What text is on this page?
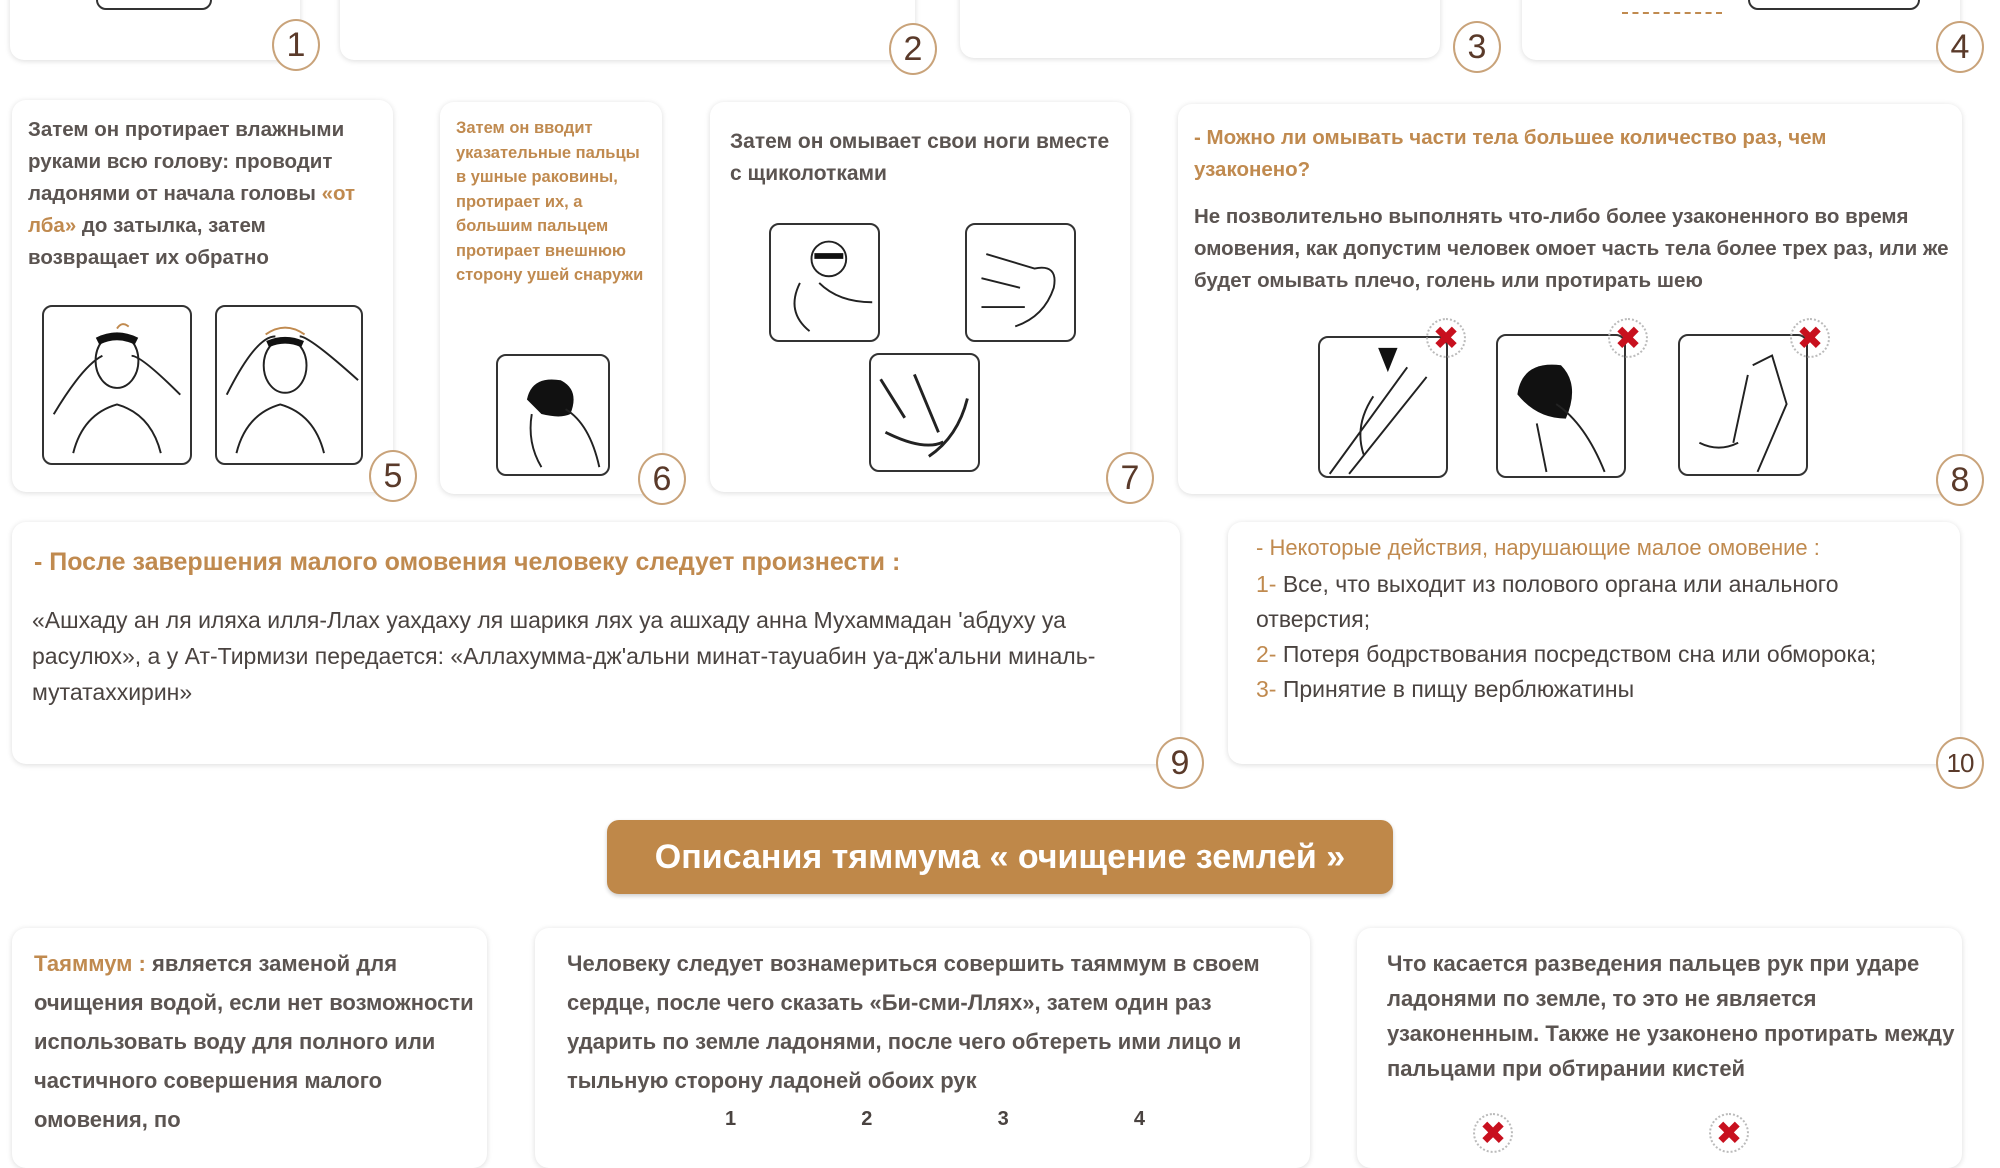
1	2	3	4
Затем он протирает влажными руками всю голову: проводит ладонями от начала головы «от лба» до затылка, затем возвращает их обратно
5
Затем он вводит указательные пальцы в ушные раковины, протирает их, а большим пальцем протирает внешнюю сторону ушей снаружи
6
Затем он омывает свои ноги вместе с щиколотками
7
- Можно ли омывать части тела большее количество раз, чем узаконено?
Не позволительно выполнять что-либо более узаконенного во время омовения, как допустим человек омоет часть тела более трех раз, или же будет омывать плечо, голень или протирать шею
✖	✖	✖
8
- После завершения малого омовения человеку следует произнести :
«Ашхаду ан ля иляха илля-Ллах уахдаху ля шарикя лях уа ашхаду анна Мухаммадан 'абдуху уа расулюх», а у Ат-Тирмизи передается: «Аллахумма-дж'альни минат-тауuабин уа-дж'альни миналь-мутатаххирин»
9
- Некоторые действия, нарушающие малое омовение :
1- Все, что выходит из полового органа или анального отверстия;
2- Потеря бодрствования посредством сна или обморока;
3- Принятие в пищу верблюжатины
10
Описания тяммума « очищение землей »
Таяммум : является заменой для очищения водой, если нет возможности использовать воду для полного или частичного совершения малого омовения, по
Человеку следует вознамериться совершить таяммум в своем сердце, после чего сказать «Би-сми-Ллях», затем один раз ударить по земле ладонями, после чего обтереть ими лицо и тыльную сторону ладоней обоих рук
1	2	3	4
Что касается разведения пальцев рук при ударе ладонями по земле, то это не является узаконенным. Также не узаконено протирать между пальцами при обтирании кистей
✖	✖
